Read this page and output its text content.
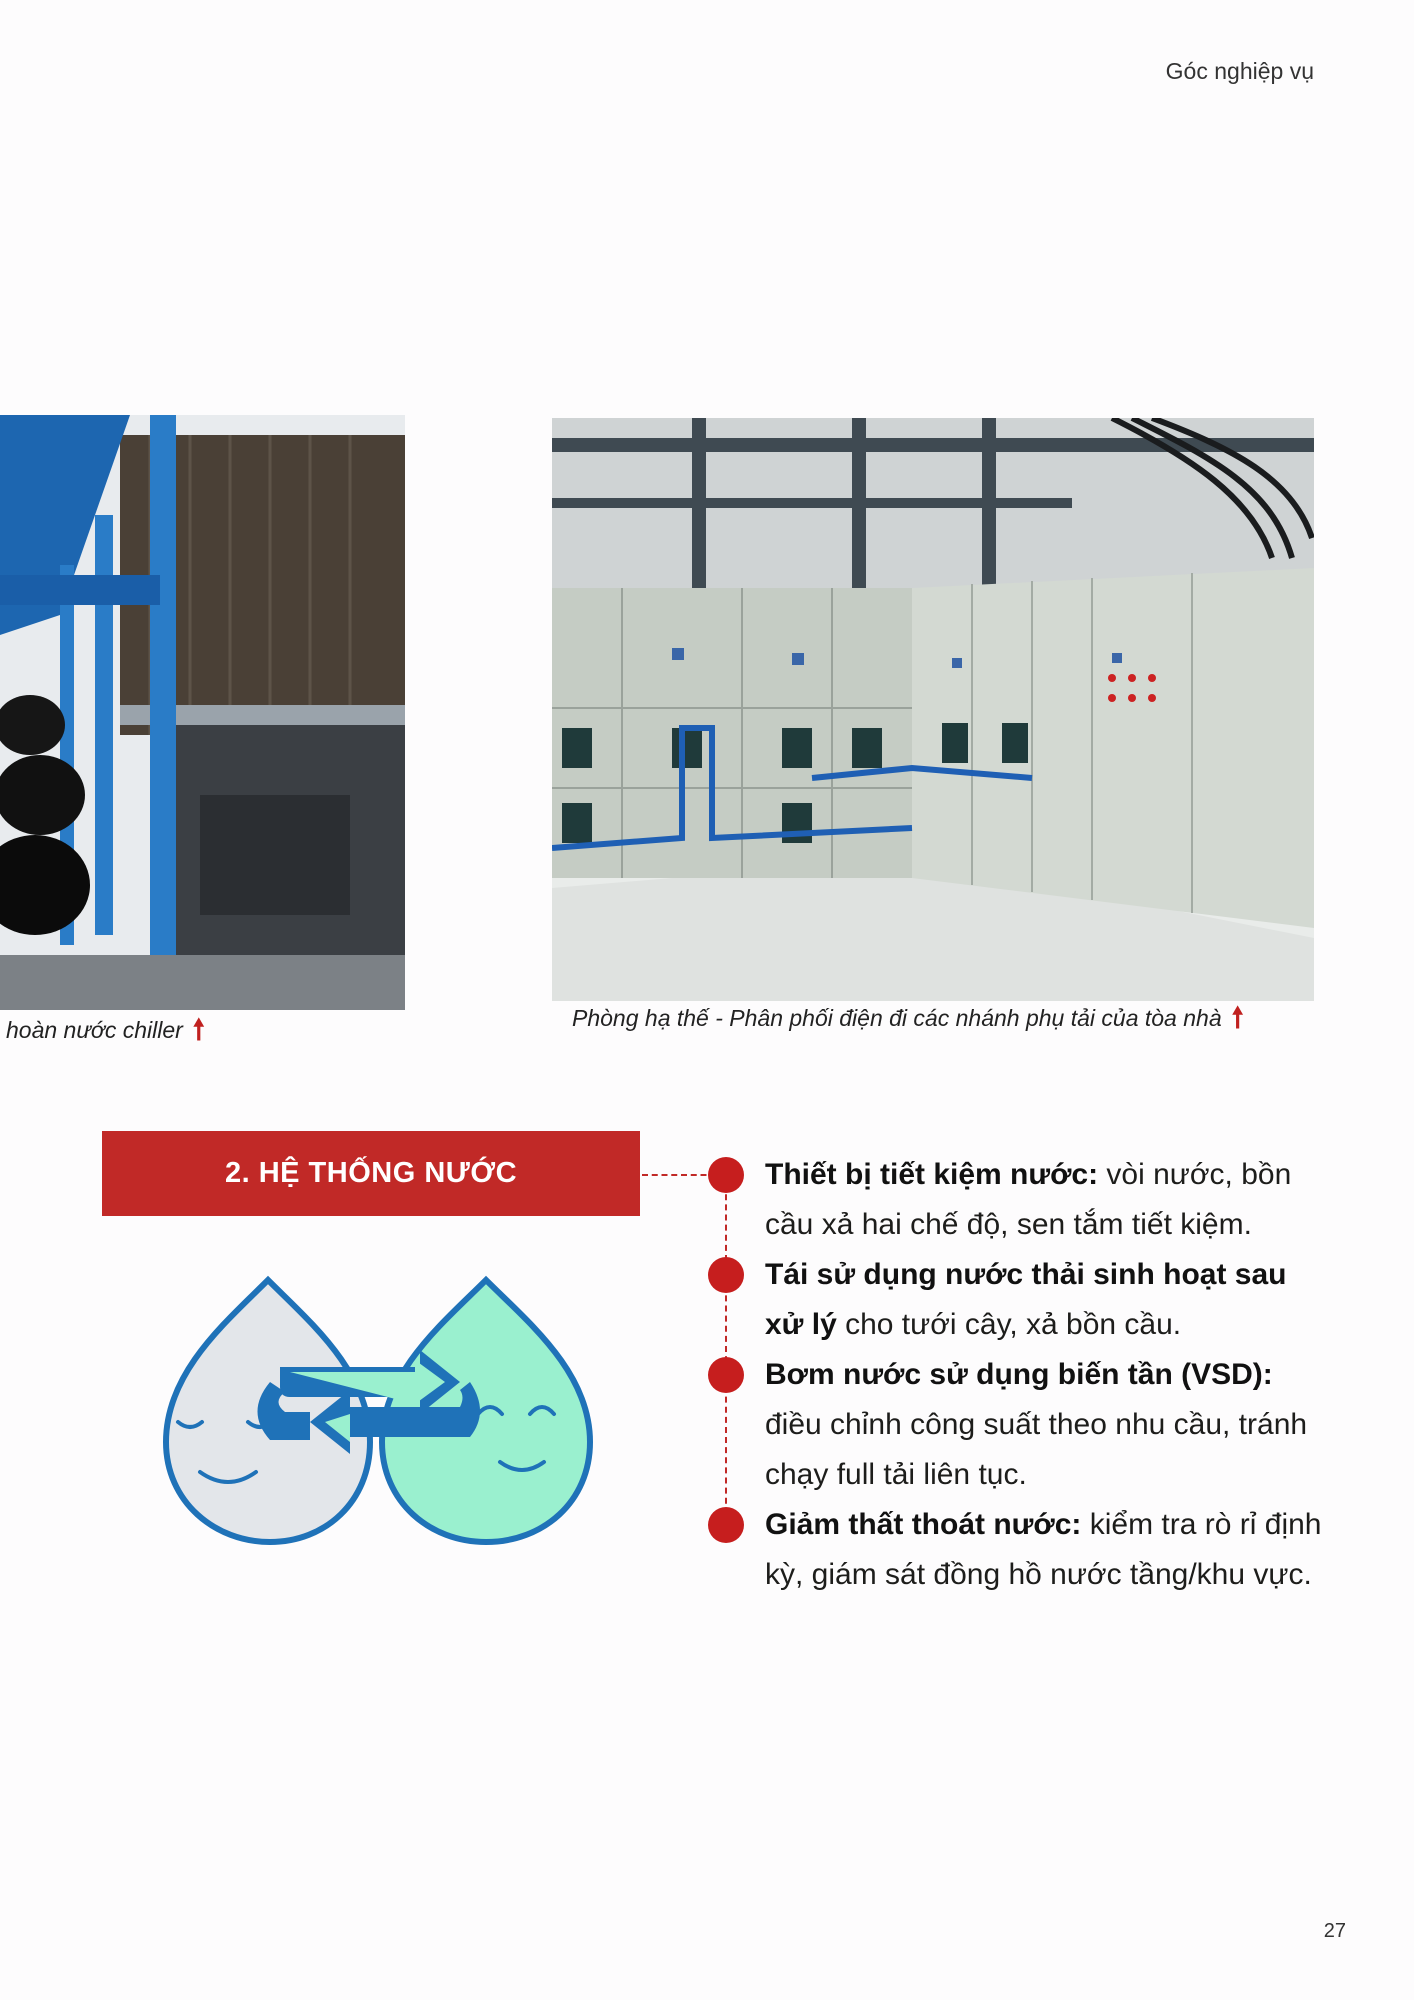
Góc nghiệp vụ
hoàn nước chiller 🠕	Phòng hạ thế - Phân phối điện đi các nhánh phụ tải của tòa nhà 🠕
2. HỆ THỐNG NƯỚC	Thiết bị tiết kiệm nước: vòi nước, bồn cầu xả hai chế độ, sen tắm tiết kiệm.
Tái sử dụng nước thải sinh hoạt sau xử lý cho tưới cây, xả bồn cầu.
Bơm nước sử dụng biến tần (VSD): điều chỉnh công suất theo nhu cầu, tránh chạy full tải liên tục.
Giảm thất thoát nước: kiểm tra rò rỉ định kỳ, giám sát đồng hồ nước tầng/khu vực.
27
